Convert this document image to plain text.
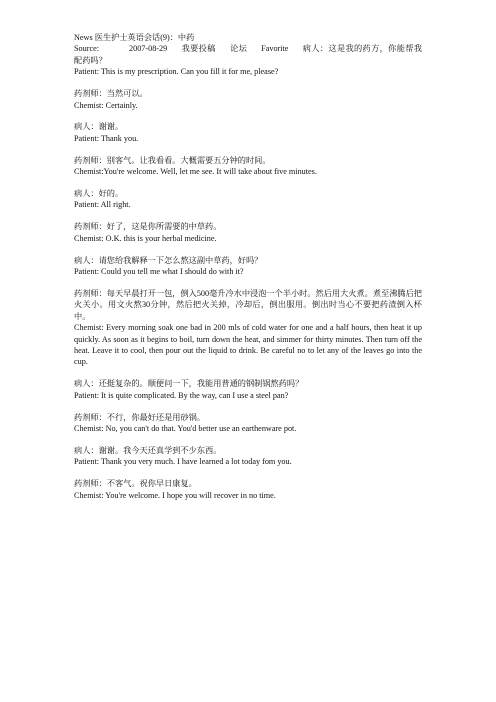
News 医生护士英语会话(9)：中药

Source:	2007-08-29 我要投稿 论坛 Favorite 病人：这是我的药方，你能帮我配药吗？

Patient: This is my prescription. Can you fill it for me, please?

药剂师：当然可以。

Chemist: Certainly.

病人：谢谢。

Patient: Thank you.

药剂师：别客气。让我看看。大概需要五分钟的时间。

Chemist:You're welcome. Well, let me see. It will take about five minutes.

病人：好的。

Patient: All right.

药剂师：好了，这是你所需要的中草药。

Chemist: O.K. this is your herbal medicine.

病人：请您给我解释一下怎么熬这副中草药，好吗？

Patient: Could you tell me what I should do with it?

药剂师：每天早晨打开一包，倒入500毫升冷水中浸泡一个半小时。然后用大火煮。煮至沸腾后把火关小。用文火熬30分钟，然后把火关掉，冷却后，倒出服用。倒出时当心不要把药渣倒入杯中。

Chemist: Every morning soak one bad in 200 mls of cold water for one and a half hours, then heat it up quickly. As soon as it begins to boil, turn down the heat, and simmer for thirty minutes. Then turn off the heat. Leave it to cool, then pour out the liquid to drink. Be careful no to let any of the leaves go into the cup.

病人：还挺复杂的。顺便问一下，我能用普通的钢制锅熬药吗？

Patient: It is quite complicated. By the way, can I use a steel pan?

药剂师：不行，你最好还是用砂锅。

Chemist: No, you can't do that. You'd better use an earthenware pot.

病人：谢谢。我今天还真学到不少东西。

Patient: Thank you very much. I have learned a lot today fom you.

药剂师：不客气。祝你早日康复。

Chemist: You're welcome. I hope you will recover in no time.
